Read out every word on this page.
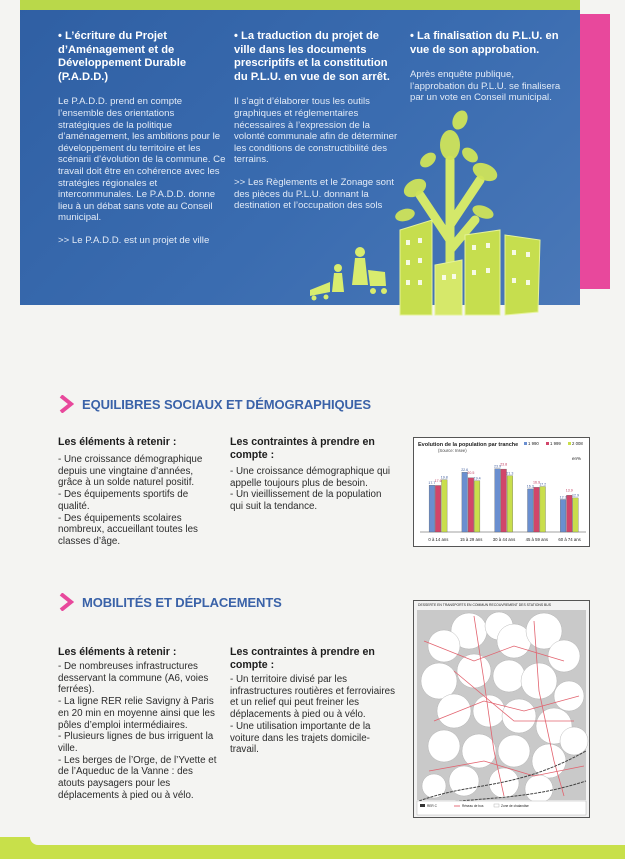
• L’écriture du Projet d’Aménagement et de Développement Durable (P.A.D.D.)

Le P.A.D.D. prend en compte l’ensemble des orientations stratégiques de la politique d’aménagement, les ambitions pour le développement du territoire et les scénarii d’évolution de la commune. Ce travail doit être en cohérence avec les stratégies régionales et intercommunales. Le P.A.D.D. donne lieu à un débat sans vote au Conseil municipal.

>> Le P.A.D.D. est un projet de ville

• La traduction du projet de ville dans les documents prescriptifs et la constitution du P.L.U. en vue de son arrêt.

Il s’agit d’élaborer tous les outils graphiques et réglementaires nécessaires à l’expression de la volonté communale afin de déterminer les conditions de constructibilité des terrains.

>> Les Règlements et le Zonage sont des pièces du P.L.U. donnant la destination et l’occupation des sols

• La finalisation du P.L.U. en vue de son approbation.

Après enquête publique, l’approbation du P.L.U. se finalisera par un vote en Conseil municipal.

EQUILIBRES SOCIAUX ET DÉMOGRAPHIQUES
Les éléments à retenir :
- Une croissance démographique depuis une vingtaine d’années, grâce à un solde naturel positif.
- Des équipements sportifs de qualité.
- Des équipements scolaires nombreux, accueillant toutes les classes d’âge.
Les contraintes à prendre en compte :
- Une croissance démographique qui appelle toujours plus de besoin.
- Un vieillissement de la population qui suit la tendance.
Evolution de la population par tranche
(Source: Insee)
en%
1 990	1 999	2 008
17.7
17.6
19.8
22.6
20.5
19.4
23.9
23.8
21.3
16.3
16.9 17.2
12.3
13.9
12.9
0 à 14 ans	15 à 29 ans 30 à 44 ans 45 à 59 ans 60 à 74 ans
MOBILITÉS ET DÉPLACEMENTS
Les éléments à retenir :
- De nombreuses infrastructures desservant la commune (A6, voies ferrées).
- La ligne RER relie Savigny à Paris en 20 min en moyenne ainsi que les pôles d’emploi intermédiaires.
- Plusieurs lignes de bus irriguent la ville.
- Les berges de l’Orge, de l’Yvette et de l’Aqueduc de la Vanne : des atouts paysagers pour les déplacements à pied ou à vélo.
Les contraintes à prendre en compte :
- Un territoire divisé par les infrastructures routières et ferroviaires et un relief qui peut freiner les déplacements à pied ou à vélo.
- Une utilisation importante de la voiture dans les trajets domicile-travail.
DESSERTE EN TRANSPORTS EN COMMUN RECOUVREMENT DES STATIONS BUS
RER C	Réseau de bus	Zone de chalandise
